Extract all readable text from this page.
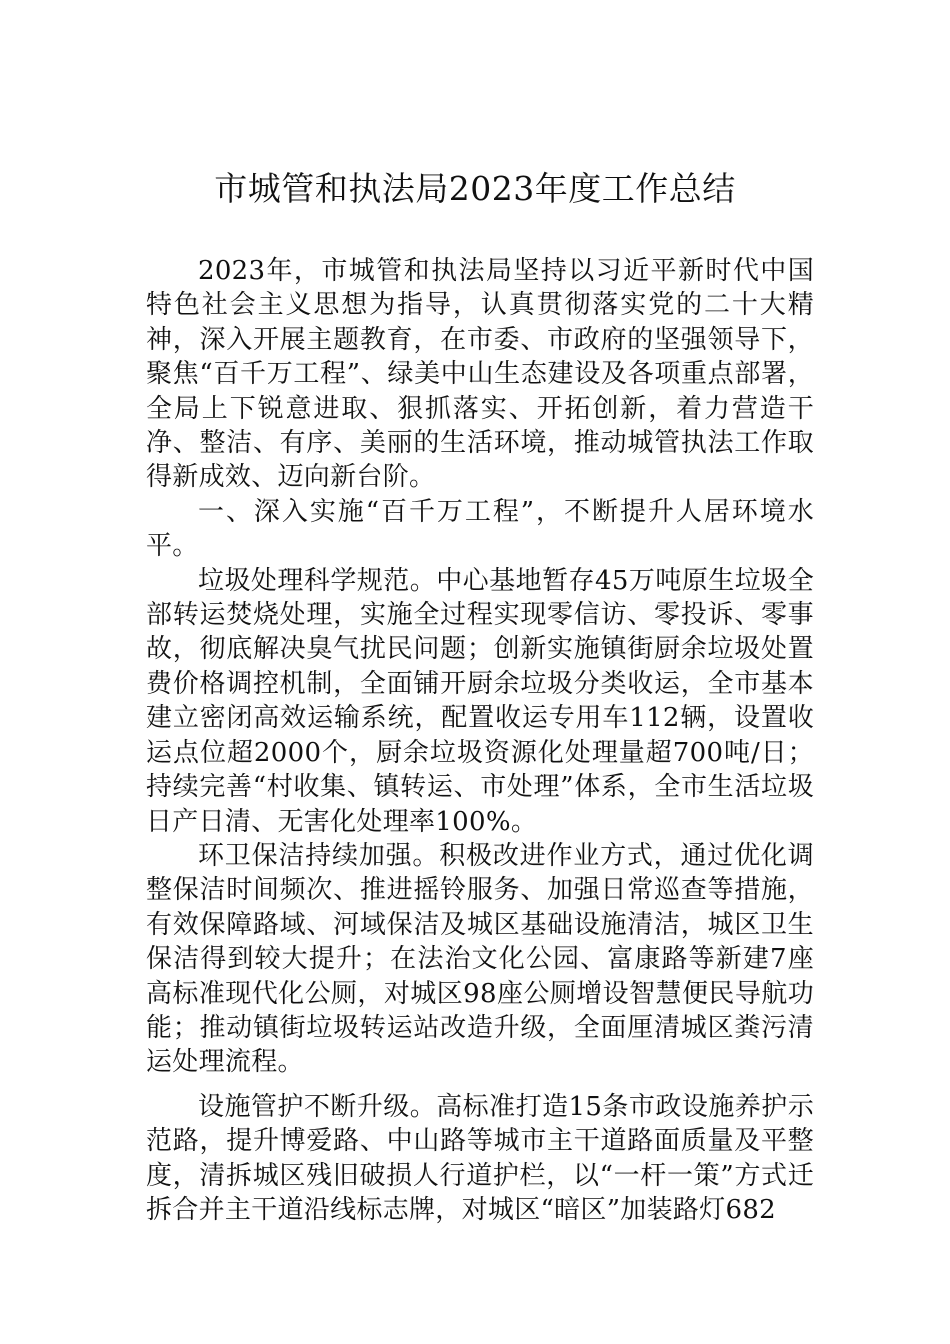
市城管和执法局2023年度工作总结

2023年，市城管和执法局坚持以习近平新时代中国特色社会主义思想为指导，认真贯彻落实党的二十大精神，深入开展主题教育，在市委、市政府的坚强领导下，聚焦“百千万工程”、绿美中山生态建设及各项重点部署，全局上下锐意进取、狠抓落实、开拓创新，着力营造干净、整洁、有序、美丽的生活环境，推动城管执法工作取得新成效、迈向新台阶。

一、深入实施“百千万工程”，不断提升人居环境水平。

垃圾处理科学规范。中心基地暂存45万吨原生垃圾全部转运焚烧处理，实施全过程实现零信访、零投诉、零事故，彻底解决臭气扰民问题；创新实施镇街厨余垃圾处置费价格调控机制，全面铺开厨余垃圾分类收运，全市基本建立密闭高效运输系统，配置收运专用车112辆，设置收运点位超2000个，厨余垃圾资源化处理量超700吨/日；持续完善“村收集、镇转运、市处理”体系，全市生活垃圾日产日清、无害化处理率100%。

环卫保洁持续加强。积极改进作业方式，通过优化调整保洁时间频次、推进摇铃服务、加强日常巡查等措施，有效保障路域、河域保洁及城区基础设施清洁，城区卫生保洁得到较大提升；在法治文化公园、富康路等新建7座高标准现代化公厕，对城区98座公厕增设智慧便民导航功能；推动镇街垃圾转运站改造升级，全面厘清城区粪污清运处理流程。

设施管护不断升级。高标准打造15条市政设施养护示范路，提升博爱路、中山路等城市主干道路面质量及平整度，清拆城区残旧破损人行道护栏，以“一杆一策”方式迁拆合并主干道沿线标志牌，对城区“暗区”加装路灯682
